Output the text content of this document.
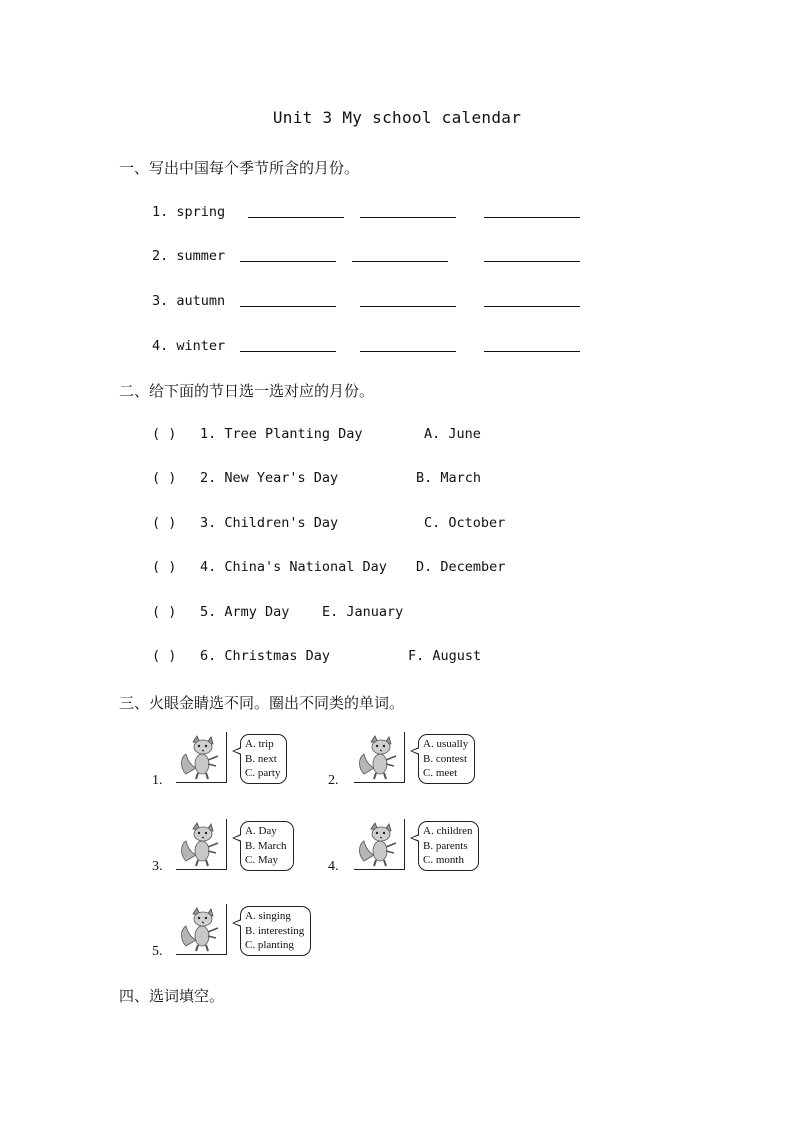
Unit 3 My school calendar
一、写出中国每个季节所含的月份。
1. spring
2. summer
3. autumn
4. winter
二、给下面的节日选一选对应的月份。
( ) 1. Tree Planting Day	A. June
( ) 2. New Year's Day	B. March
( ) 3. Children's Day	C. October
( ) 4. China's National Day D. December
( ) 5. Army Day E. January
( ) 6. Christmas Day	F. August
三、火眼金睛选不同。圈出不同类的单词。
1.
A. trip
B. next
C. party	2.
A. usually
B. contest
C. meet
3.
A. Day
B. March
C. May	4.
A. children
B. parents
C. month
5.
A. singing
B. interesting
C. planting
四、选词填空。
